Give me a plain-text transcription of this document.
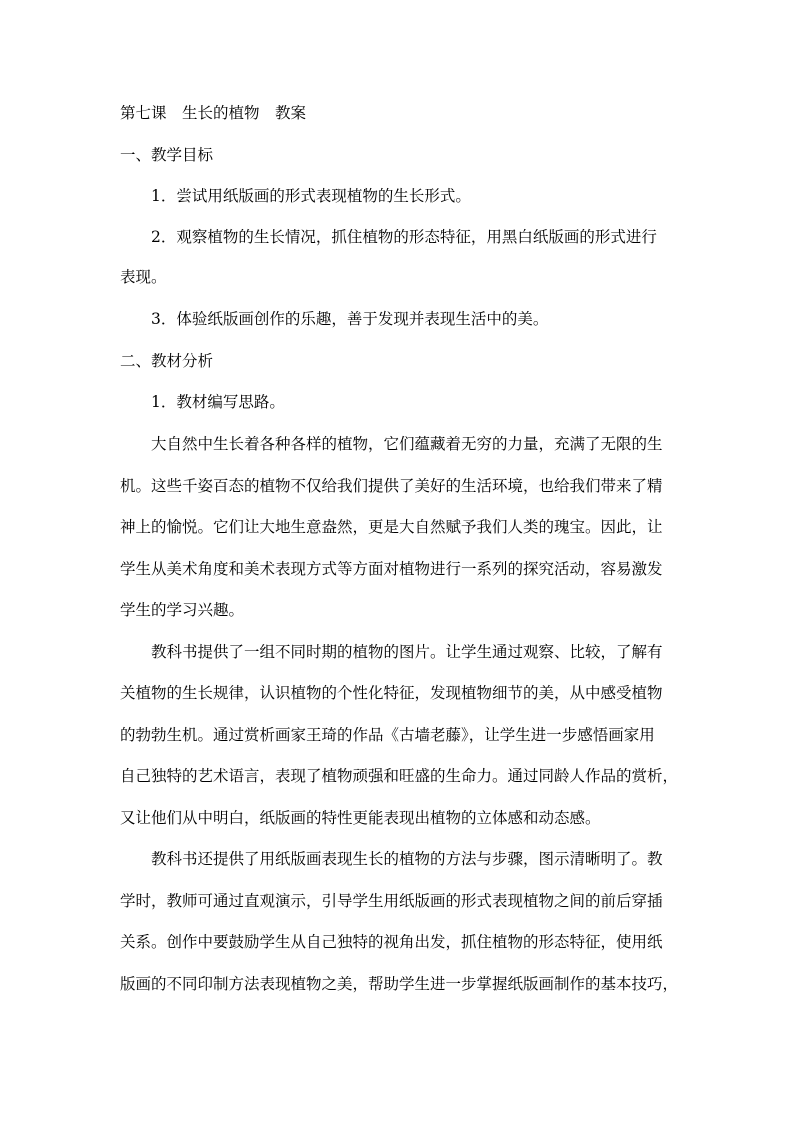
第七课　生长的植物　教案

一、教学目标

1．尝试用纸版画的形式表现植物的生长形式。

2．观察植物的生长情况，抓住植物的形态特征，用黑白纸版画的形式进行

表现。

3．体验纸版画创作的乐趣，善于发现并表现生活中的美。

二、教材分析

1．教材编写思路。

大自然中生长着各种各样的植物，它们蕴藏着无穷的力量，充满了无限的生

机。这些千姿百态的植物不仅给我们提供了美好的生活环境，也给我们带来了精

神上的愉悦。它们让大地生意盎然，更是大自然赋予我们人类的瑰宝。因此，让

学生从美术角度和美术表现方式等方面对植物进行一系列的探究活动，容易激发

学生的学习兴趣。

教科书提供了一组不同时期的植物的图片。让学生通过观察、比较，了解有

关植物的生长规律，认识植物的个性化特征，发现植物细节的美，从中感受植物

的勃勃生机。通过赏析画家王琦的作品《古墙老藤》，让学生进一步感悟画家用

自己独特的艺术语言，表现了植物顽强和旺盛的生命力。通过同龄人作品的赏析，

又让他们从中明白，纸版画的特性更能表现出植物的立体感和动态感。

教科书还提供了用纸版画表现生长的植物的方法与步骤，图示清晰明了。教

学时，教师可通过直观演示，引导学生用纸版画的形式表现植物之间的前后穿插

关系。创作中要鼓励学生从自己独特的视角出发，抓住植物的形态特征，使用纸

版画的不同印制方法表现植物之美，帮助学生进一步掌握纸版画制作的基本技巧，
